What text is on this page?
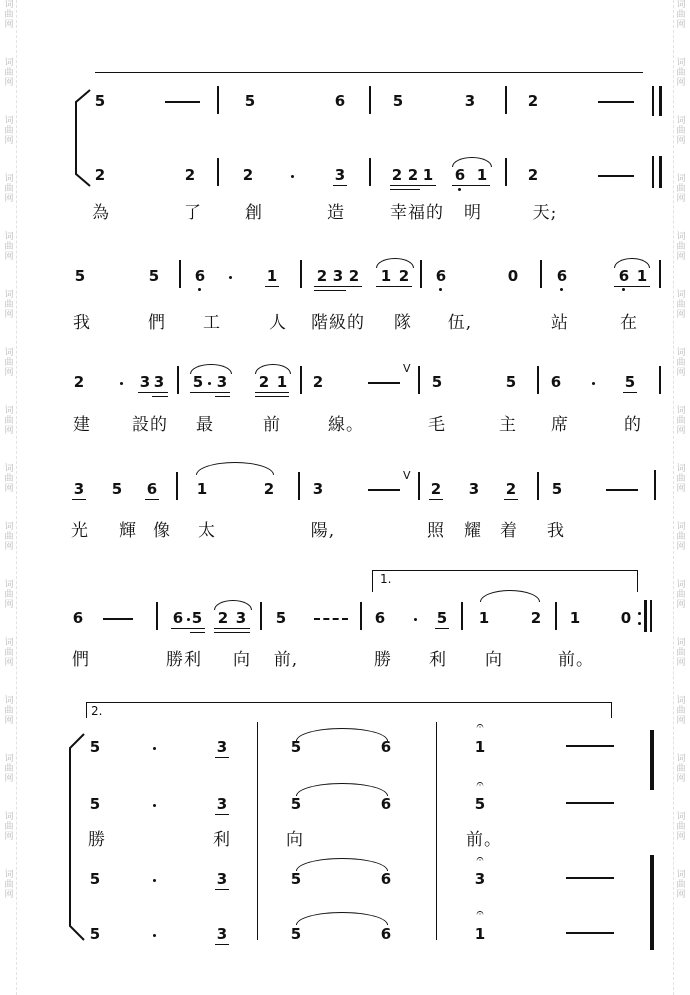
词曲网
词曲网
词曲网
词曲网
词曲网
词曲网
词曲网
词曲网
词曲网
词曲网
词曲网
词曲网
词曲网
词曲网
词曲网
词曲网
词曲网
词曲网
词曲网
词曲网
词曲网
词曲网
词曲网
词曲网
词曲网
词曲网
词曲网
词曲网
词曲网
词曲网
词曲网
词曲网
5	5	6	5	3	2
2	2	2	3	2 2 1 6 1	2
為	了	創	造	幸福的 明	天;
5	5 6	1	2 3 2 1 2 6	0	6	6 1
我	們 工	人 階級的 隊 伍,	站	在
2	3 3 5 3 2 1 2
V
5	5 6	5
建 設的 最	前	線。	毛	主 席	的
3 5 6	1	2	3
V
2 3 2 5
光 輝 像 太	陽,	照 耀 着 我
1.
6	6 5 2 3 5	6	5 1	2 1	0
們	勝利 向 前,	勝 利 向	前。
2.
5	3	5	6
𝄐
1
5	3	5	6
𝄐
5
勝	利	向	前。
5	3	5	6
𝄐
3
5	3	5	6
𝄐
1
